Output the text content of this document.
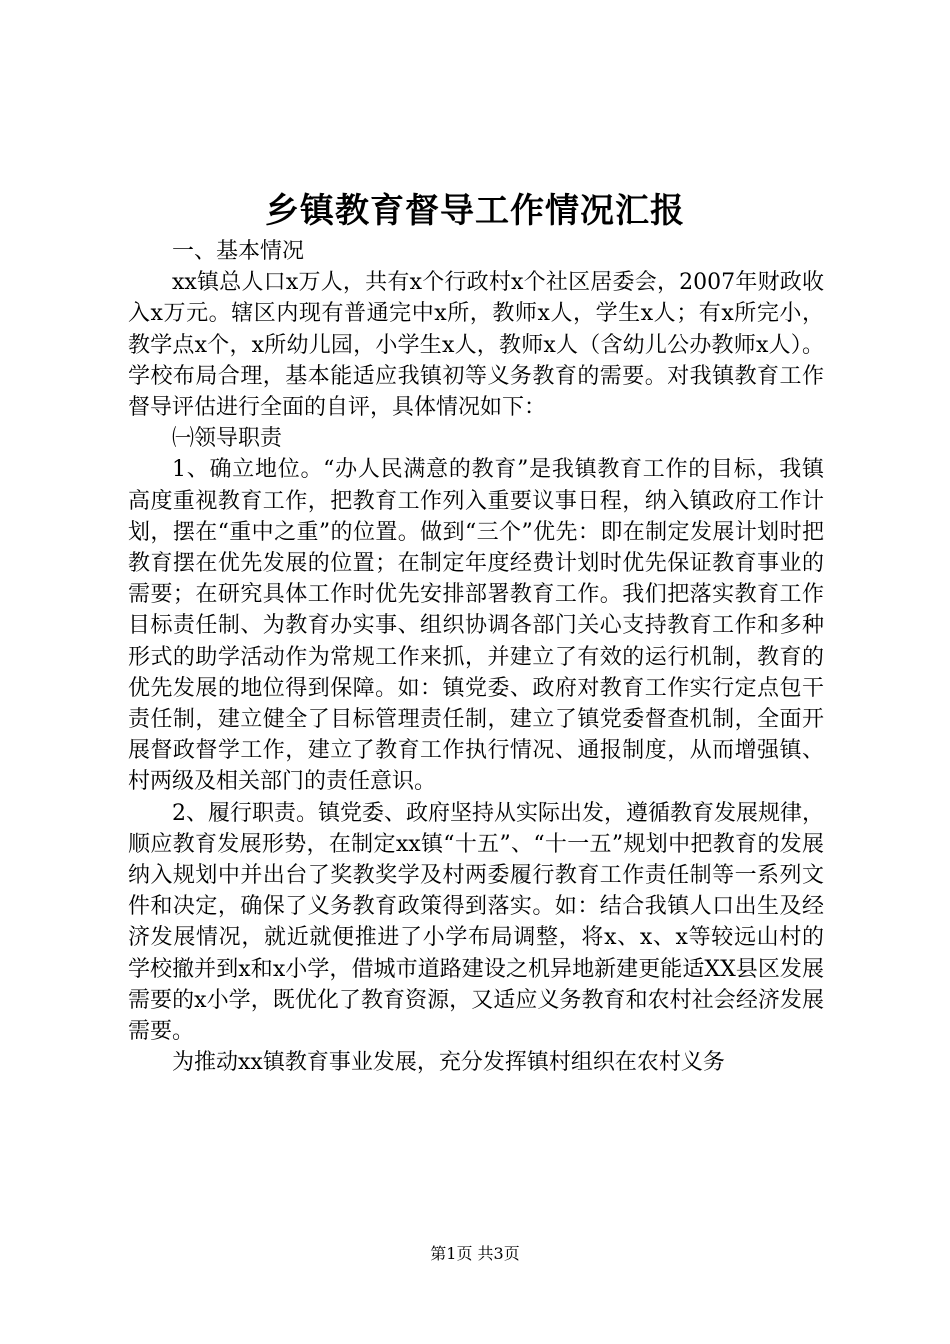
乡镇教育督导工作情况汇报

一、基本情况

xx镇总人口x万人，共有x个行政村x个社区居委会，2007年财政收入x万元。辖区内现有普通完中x所，教师x人，学生x人；有x所完小，教学点x个，x所幼儿园，小学生x人，教师x人（含幼儿公办教师x人）。学校布局合理，基本能适应我镇初等义务教育的需要。对我镇教育工作督导评估进行全面的自评，具体情况如下：

㈠领导职责

1、确立地位。“办人民满意的教育”是我镇教育工作的目标，我镇高度重视教育工作，把教育工作列入重要议事日程，纳入镇政府工作计划，摆在“重中之重”的位置。做到“三个”优先：即在制定发展计划时把教育摆在优先发展的位置；在制定年度经费计划时优先保证教育事业的需要；在研究具体工作时优先安排部署教育工作。我们把落实教育工作目标责任制、为教育办实事、组织协调各部门关心支持教育工作和多种形式的助学活动作为常规工作来抓，并建立了有效的运行机制，教育的优先发展的地位得到保障。如：镇党委、政府对教育工作实行定点包干责任制，建立健全了目标管理责任制，建立了镇党委督查机制，全面开展督政督学工作，建立了教育工作执行情况、通报制度，从而增强镇、村两级及相关部门的责任意识。

2、履行职责。镇党委、政府坚持从实际出发，遵循教育发展规律，顺应教育发展形势，在制定xx镇“十五”、“十一五”规划中把教育的发展纳入规划中并出台了奖教奖学及村两委履行教育工作责任制等一系列文件和决定，确保了义务教育政策得到落实。如：结合我镇人口出生及经济发展情况，就近就便推进了小学布局调整，将x、x、x等较远山村的学校撤并到x和x小学，借城市道路建设之机异地新建更能适XX县区发展需要的x小学，既优化了教育资源，又适应义务教育和农村社会经济发展需要。

为推动xx镇教育事业发展，充分发挥镇村组织在农村义务

第1页 共3页
